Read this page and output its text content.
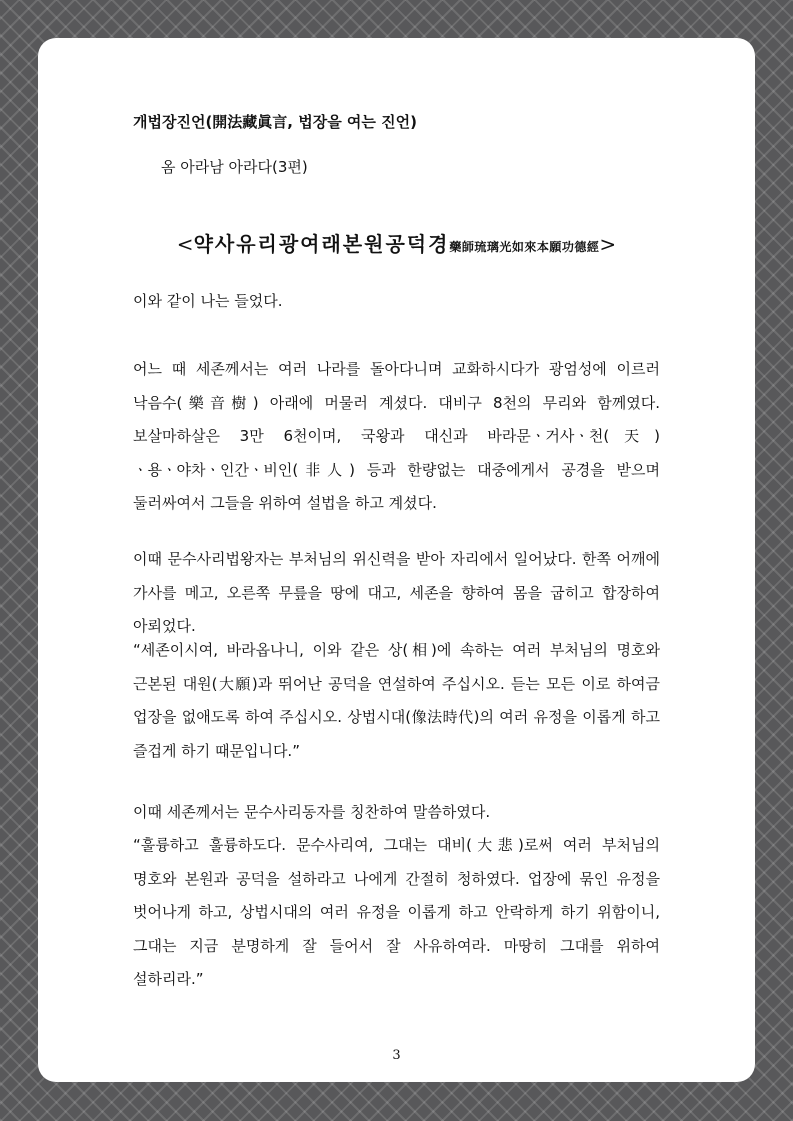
개법장진언(開法藏眞言, 법장을 여는 진언)

옴 아라남 아라다(3편)

<약사유리광여래본원공덕경藥師琉璃光如來本願功德經>

이와 같이 나는 들었다.

어느 때 세존께서는 여러 나라를 돌아다니며 교화하시다가 광엄성에 이르러 낙음수(樂音樹) 아래에 머물러 계셨다. 대비구 8천의 무리와 함께였다. 보살마하살은 3만 6천이며, 국왕과 대신과 바라문ㆍ거사ㆍ천(天)ㆍ용ㆍ야차ㆍ인간ㆍ비인(非人) 등과 한량없는 대중에게서 공경을 받으며 둘러싸여서 그들을 위하여 설법을 하고 계셨다.

이때 문수사리법왕자는 부처님의 위신력을 받아 자리에서 일어났다. 한쪽 어깨에 가사를 메고, 오른쪽 무릎을 땅에 대고, 세존을 향하여 몸을 굽히고 합장하여 아뢰었다.

“세존이시여, 바라옵나니, 이와 같은 상(相)에 속하는 여러 부처님의 명호와 근본된 대원(大願)과 뛰어난 공덕을 연설하여 주십시오. 듣는 모든 이로 하여금 업장을 없애도록 하여 주십시오. 상법시대(像法時代)의 여러 유정을 이롭게 하고 즐겁게 하기 때문입니다.”

이때 세존께서는 문수사리동자를 칭찬하여 말씀하였다.

“훌륭하고 훌륭하도다. 문수사리여, 그대는 대비(大悲)로써 여러 부처님의 명호와 본원과 공덕을 설하라고 나에게 간절히 청하였다. 업장에 묶인 유정을 벗어나게 하고, 상법시대의 여러 유정을 이롭게 하고 안락하게 하기 위함이니, 그대는 지금 분명하게 잘 들어서 잘 사유하여라. 마땅히 그대를 위하여 설하리라.”

3
